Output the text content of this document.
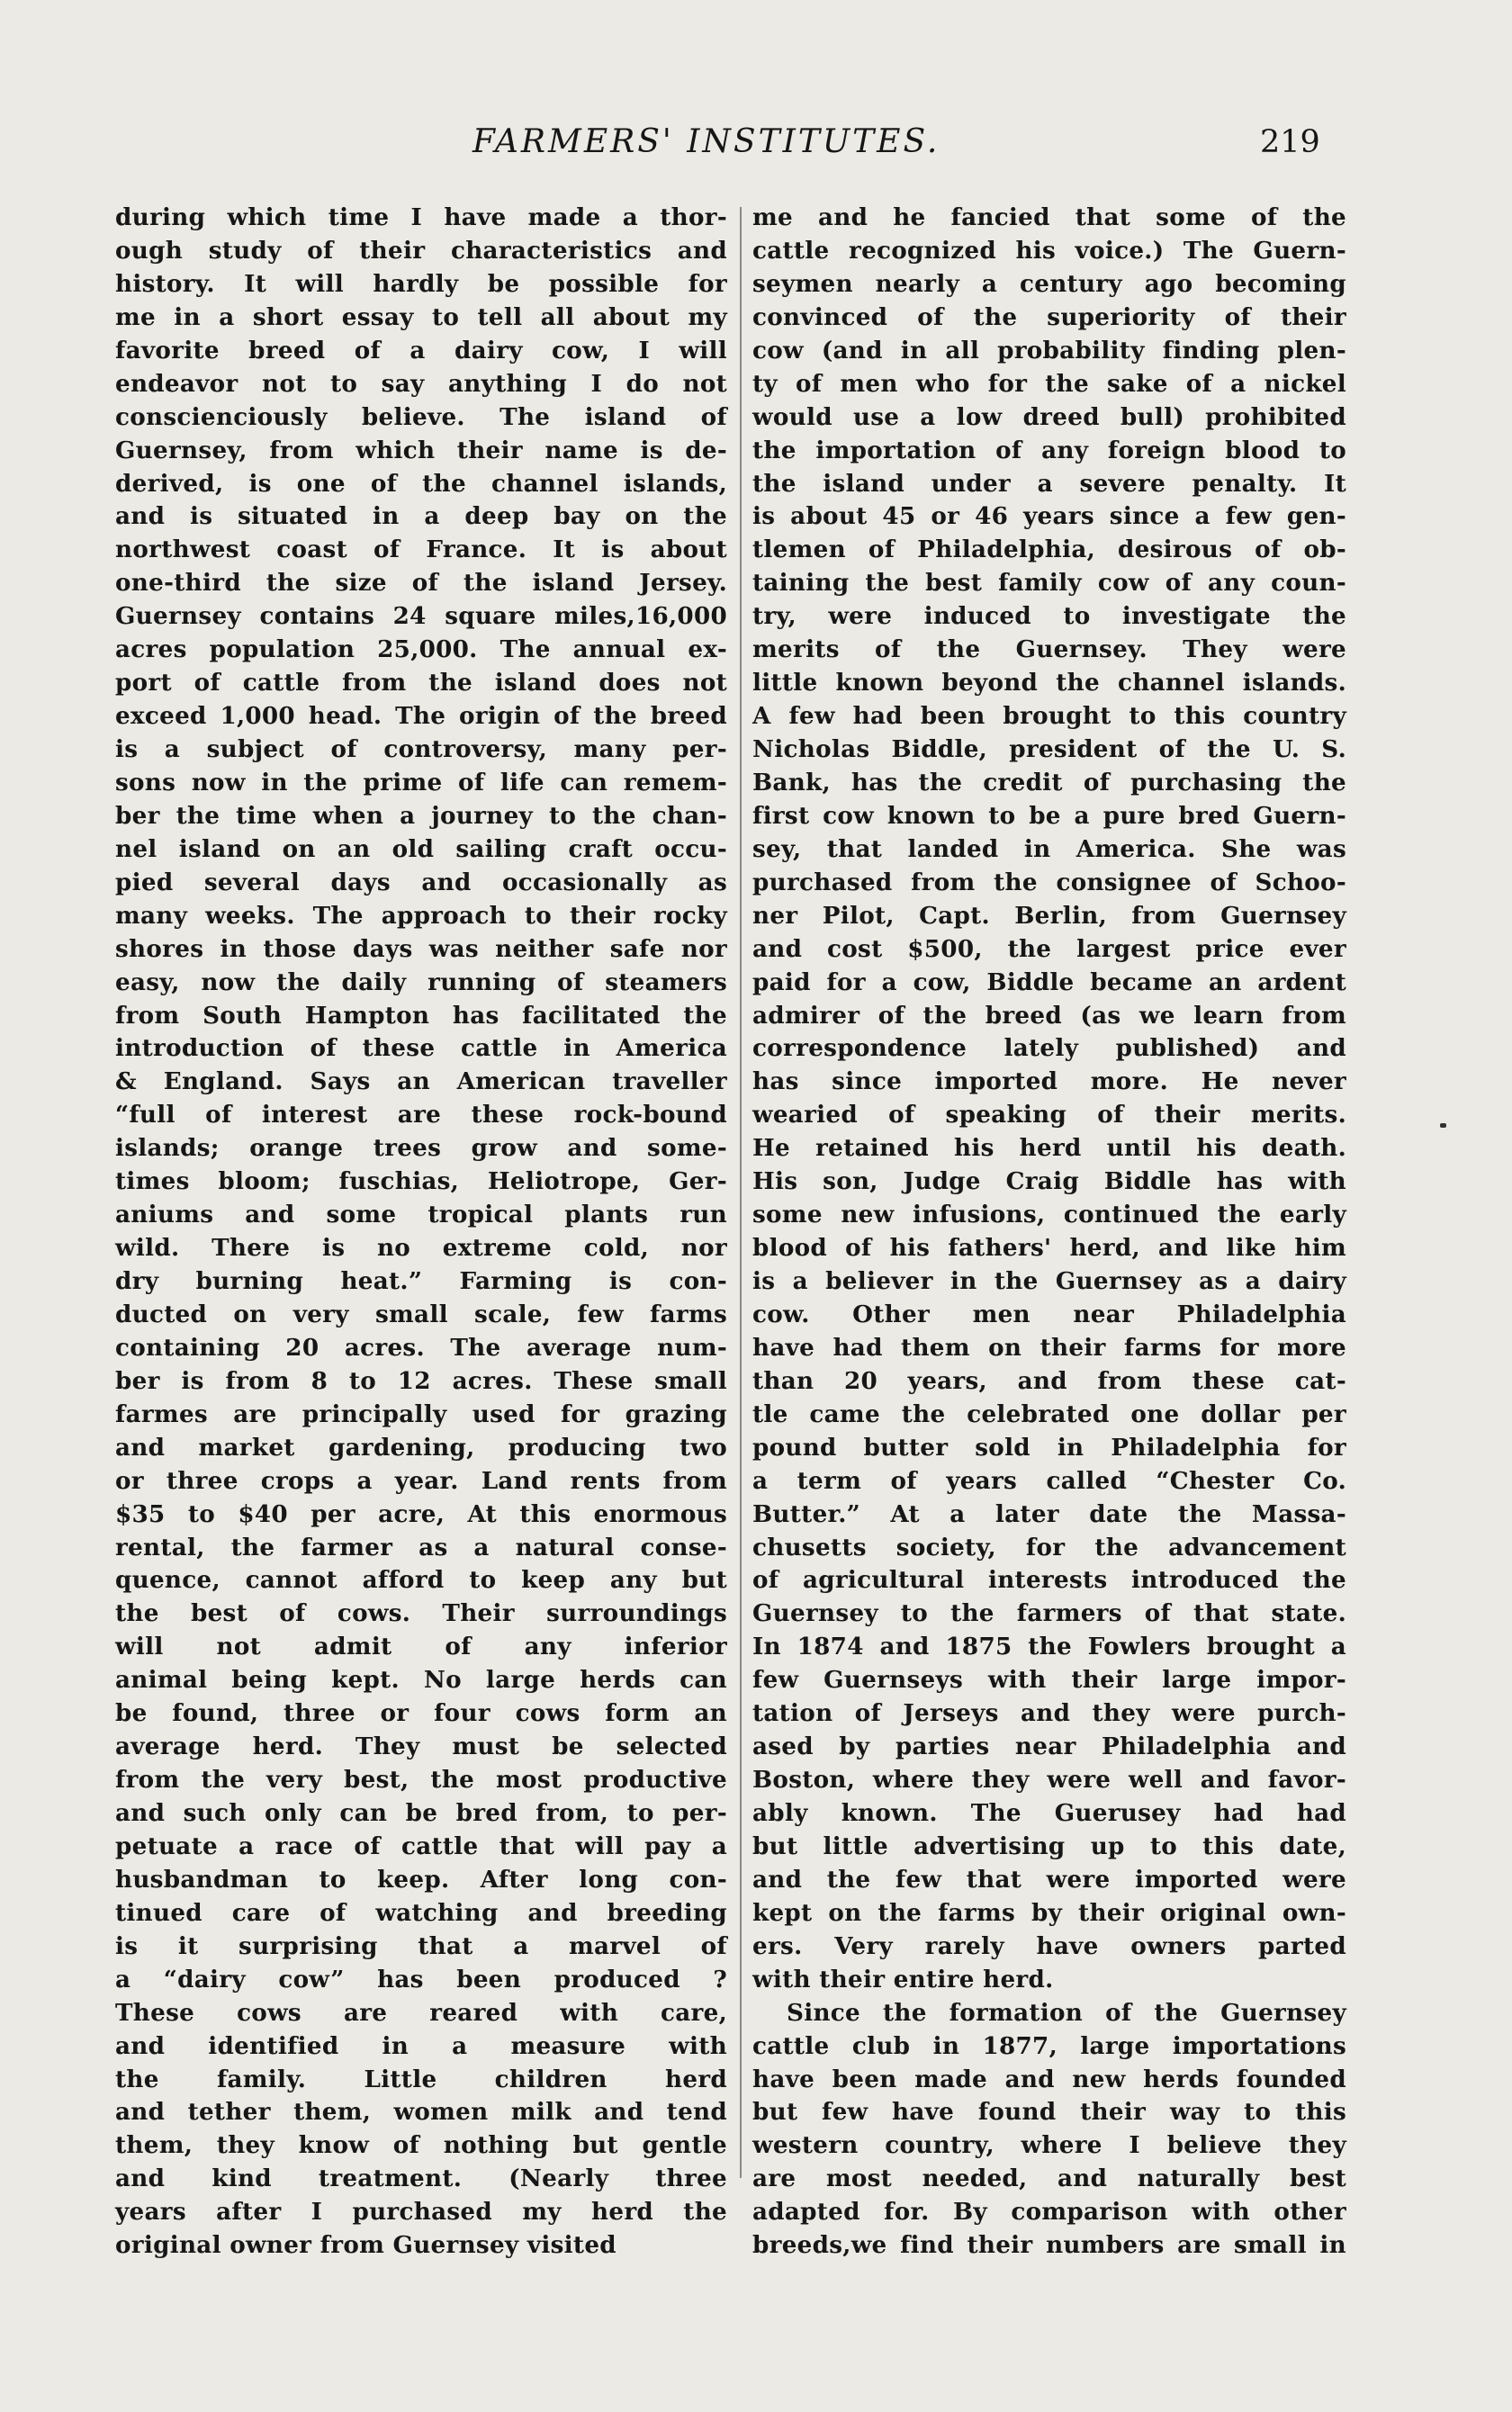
FARMERS' INSTITUTES.	219
during which time I have made a thor-
ough study of their characteristics and
history. It will hardly be possible for
me in a short essay to tell all about my
favorite breed of a dairy cow, I will
endeavor not to say anything I do not
conscienciously believe. The island of
Guernsey, from which their name is de-
derived, is one of the channel islands,
and is situated in a deep bay on the
northwest coast of France. It is about
one-third the size of the island Jersey.
Guernsey contains 24 square miles,16,000
acres population 25,000. The annual ex-
port of cattle from the island does not
exceed 1,000 head. The origin of the breed
is a subject of controversy, many per-
sons now in the prime of life can remem-
ber the time when a journey to the chan-
nel island on an old sailing craft occu-
pied several days and occasionally as
many weeks. The approach to their rocky
shores in those days was neither safe nor
easy, now the daily running of steamers
from South Hampton has facilitated the
introduction of these cattle in America
& England. Says an American traveller
“full of interest are these rock-bound
islands; orange trees grow and some-
times bloom; fuschias, Heliotrope, Ger-
aniums and some tropical plants run
wild. There is no extreme cold, nor
dry burning heat.” Farming is con-
ducted on very small scale, few farms
containing 20 acres. The average num-
ber is from 8 to 12 acres. These small
farmes are principally used for grazing
and market gardening, producing two
or three crops a year. Land rents from
$35 to $40 per acre, At this enormous
rental, the farmer as a natural conse-
quence, cannot afford to keep any but
the best of cows. Their surroundings
will not admit of any inferior
animal being kept. No large herds can
be found, three or four cows form an
average herd. They must be selected
from the very best, the most productive
and such only can be bred from, to per-
petuate a race of cattle that will pay a
husbandman to keep. After long con-
tinued care of watching and breeding
is it surprising that a marvel of
a “dairy cow” has been produced ?
These cows are reared with care,
and identified in a measure with
the family. Little children herd
and tether them, women milk and tend
them, they know of nothing but gentle
and kind treatment. (Nearly three
years after I purchased my herd the
original owner from Guernsey visited
me and he fancied that some of the
cattle recognized his voice.) The Guern-
seymen nearly a century ago becoming
convinced of the superiority of their
cow (and in all probability finding plen-
ty of men who for the sake of a nickel
would use a low dreed bull) prohibited
the importation of any foreign blood to
the island under a severe penalty. It
is about 45 or 46 years since a few gen-
tlemen of Philadelphia, desirous of ob-
taining the best family cow of any coun-
try, were induced to investigate the
merits of the Guernsey. They were
little known beyond the channel islands.
A few had been brought to this country
Nicholas Biddle, president of the U. S.
Bank, has the credit of purchasing the
first cow known to be a pure bred Guern-
sey, that landed in America. She was
purchased from the consignee of Schoo-
ner Pilot, Capt. Berlin, from Guernsey
and cost $500, the largest price ever
paid for a cow, Biddle became an ardent
admirer of the breed (as we learn from
correspondence lately published) and
has since imported more. He never
wearied of speaking of their merits.
He retained his herd until his death.
His son, Judge Craig Biddle has with
some new infusions, continued the early
blood of his fathers' herd, and like him
is a believer in the Guernsey as a dairy
cow. Other men near Philadelphia
have had them on their farms for more
than 20 years, and from these cat-
tle came the celebrated one dollar per
pound butter sold in Philadelphia for
a term of years called “Chester Co.
Butter.” At a later date the Massa-
chusetts society, for the advancement
of agricultural interests introduced the
Guernsey to the farmers of that state.
In 1874 and 1875 the Fowlers brought a
few Guernseys with their large impor-
tation of Jerseys and they were purch-
ased by parties near Philadelphia and
Boston, where they were well and favor-
ably known. The Guerusey had had
but little advertising up to this date,
and the few that were imported were
kept on the farms by their original own-
ers. Very rarely have owners parted
with their entire herd.
Since the formation of the Guernsey
cattle club in 1877, large importations
have been made and new herds founded
but few have found their way to this
western country, where I believe they
are most needed, and naturally best
adapted for. By comparison with other
breeds,we find their numbers are small in
